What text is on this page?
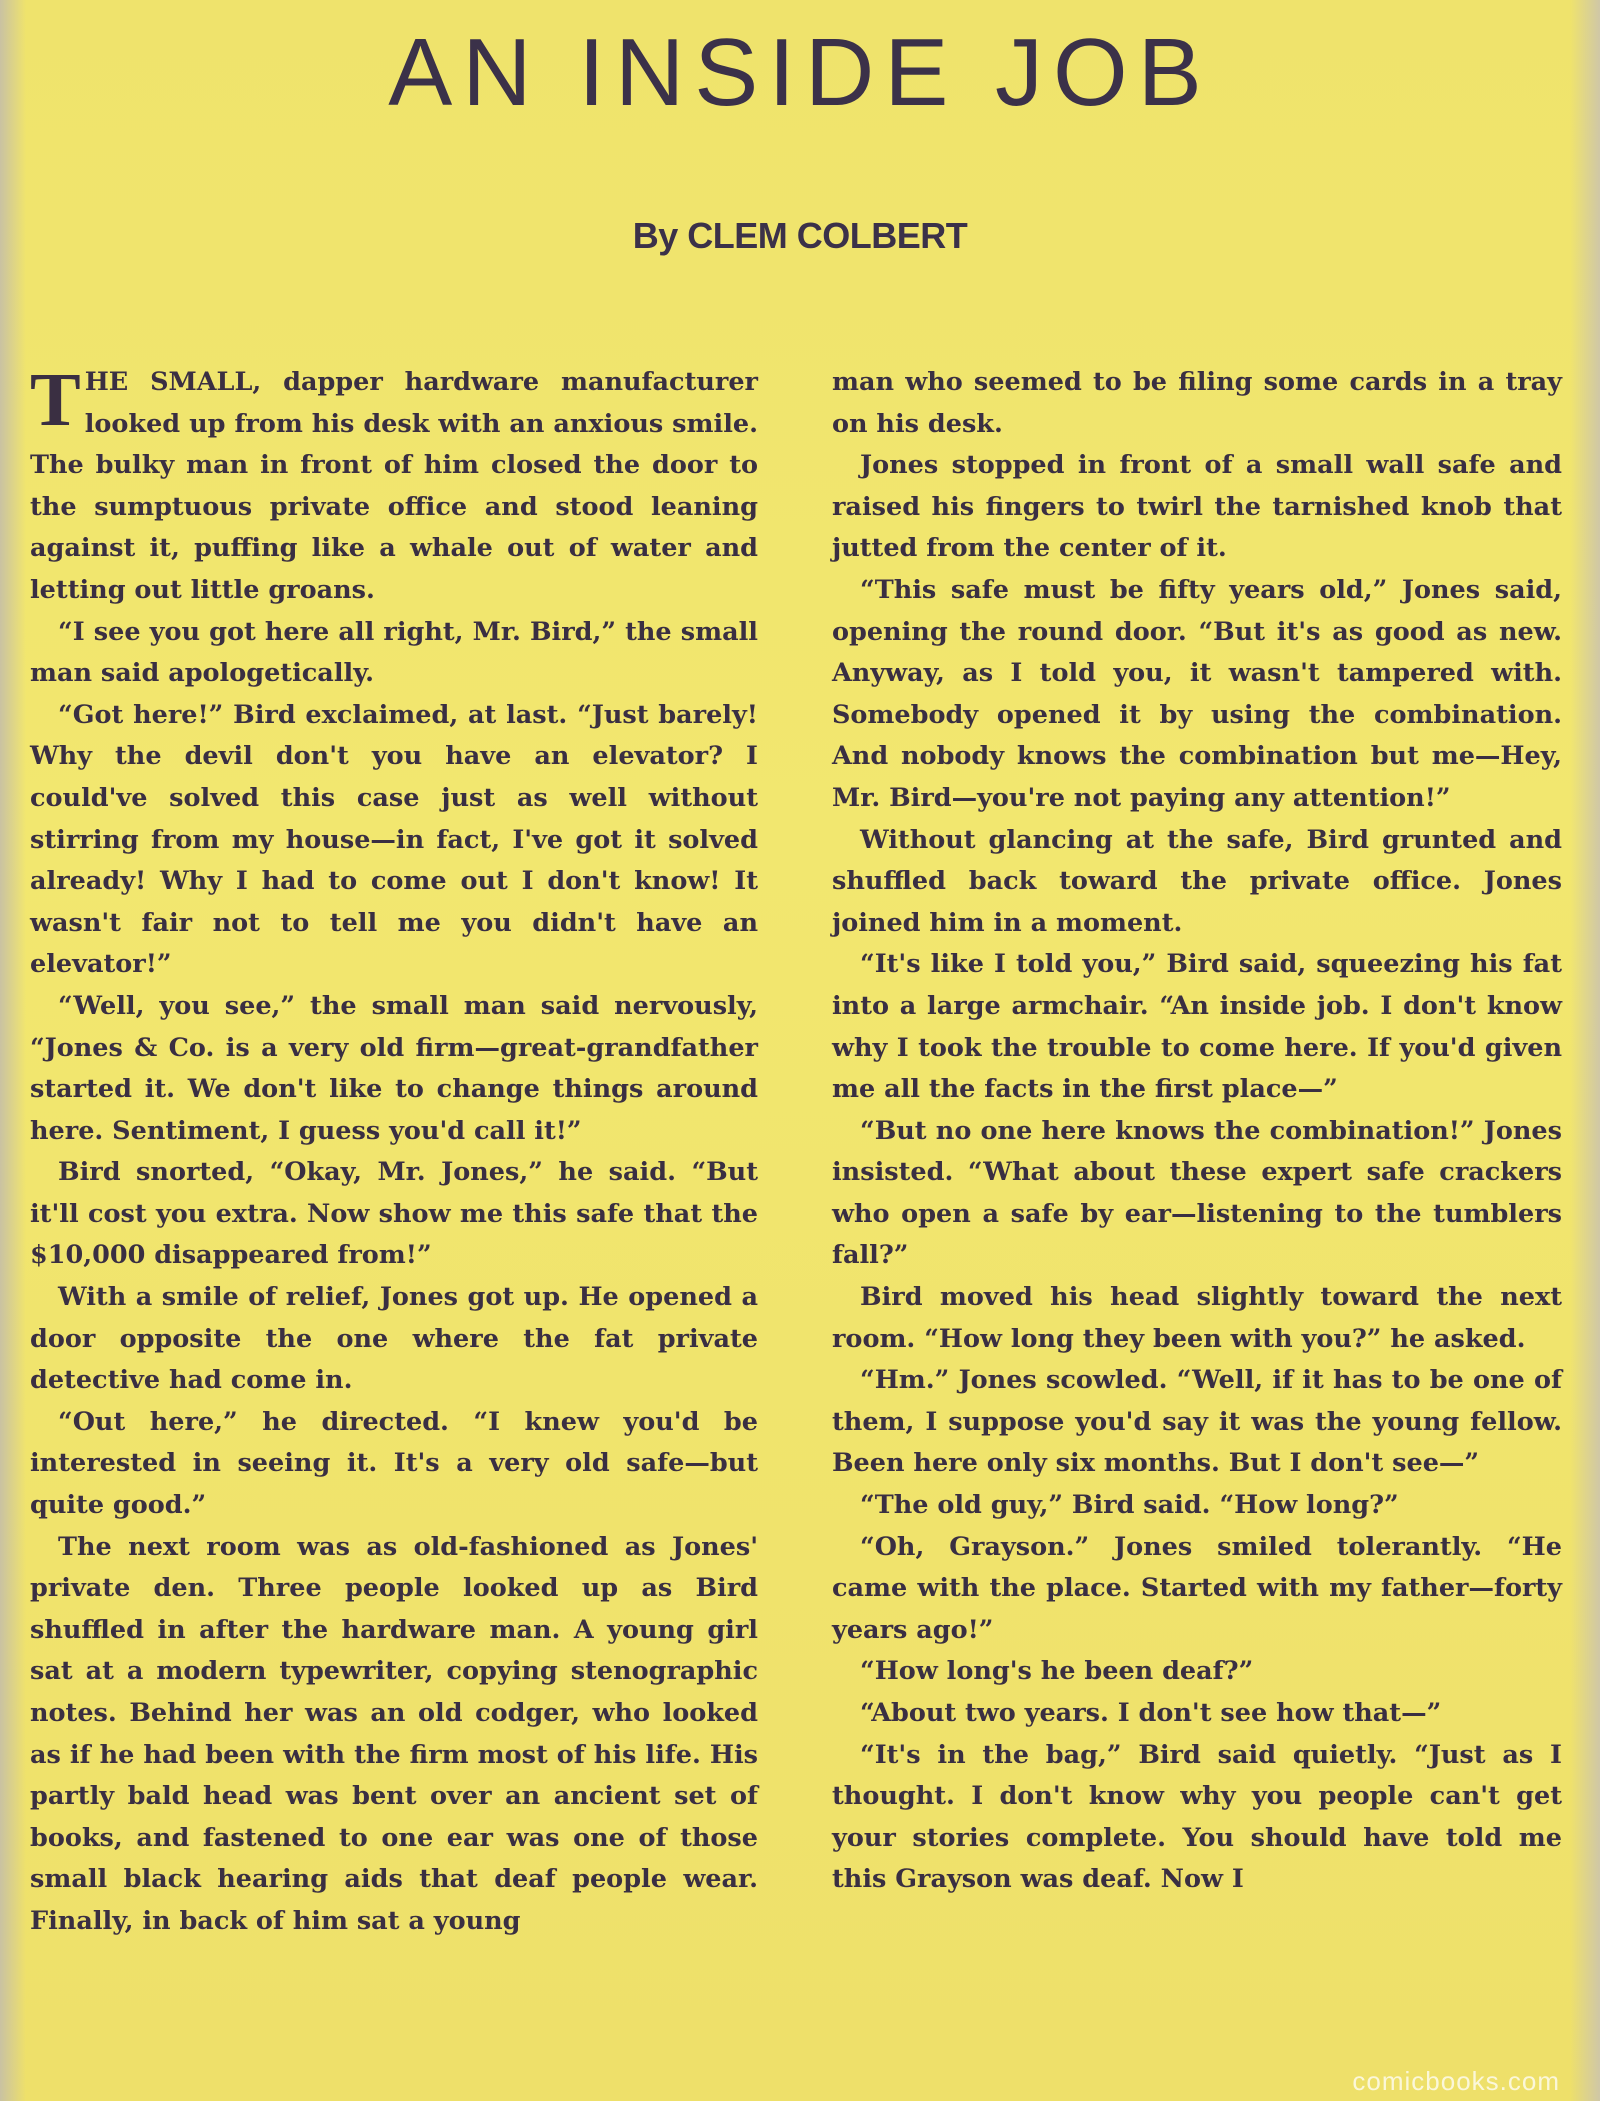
AN INSIDE JOB
By CLEM COLBERT

THE SMALL, dapper hardware manufacturer looked up from his desk with an anxious smile. The bulky man in front of him closed the door to the sumptuous private office and stood leaning against it, puffing like a whale out of water and letting out little groans.

“I see you got here all right, Mr. Bird,” the small man said apologetically.

“Got here!” Bird exclaimed, at last. “Just barely! Why the devil don't you have an elevator? I could've solved this case just as well without stirring from my house—in fact, I've got it solved already! Why I had to come out I don't know! It wasn't fair not to tell me you didn't have an elevator!”

“Well, you see,” the small man said nervously, “Jones & Co. is a very old firm—great-grandfather started it. We don't like to change things around here. Sentiment, I guess you'd call it!”

Bird snorted, “Okay, Mr. Jones,” he said. “But it'll cost you extra. Now show me this safe that the $10,000 disappeared from!”

With a smile of relief, Jones got up. He opened a door opposite the one where the fat private detective had come in.

“Out here,” he directed. “I knew you'd be interested in seeing it. It's a very old safe—but quite good.”

The next room was as old-fashioned as Jones' private den. Three people looked up as Bird shuffled in after the hardware man. A young girl sat at a modern typewriter, copying stenographic notes. Behind her was an old codger, who looked as if he had been with the firm most of his life. His partly bald head was bent over an ancient set of books, and fastened to one ear was one of those small black hearing aids that deaf people wear. Finally, in back of him sat a young

man who seemed to be filing some cards in a tray on his desk.

Jones stopped in front of a small wall safe and raised his fingers to twirl the tarnished knob that jutted from the center of it.

“This safe must be fifty years old,” Jones said, opening the round door. “But it's as good as new. Anyway, as I told you, it wasn't tampered with. Somebody opened it by using the combination. And nobody knows the combination but me—Hey, Mr. Bird—you're not paying any attention!”

Without glancing at the safe, Bird grunted and shuffled back toward the private office. Jones joined him in a moment.

“It's like I told you,” Bird said, squeezing his fat into a large armchair. “An inside job. I don't know why I took the trouble to come here. If you'd given me all the facts in the first place—”

“But no one here knows the combination!” Jones insisted. “What about these expert safe crackers who open a safe by ear—listening to the tumblers fall?”

Bird moved his head slightly toward the next room. “How long they been with you?” he asked.

“Hm.” Jones scowled. “Well, if it has to be one of them, I suppose you'd say it was the young fellow. Been here only six months. But I don't see—”

“The old guy,” Bird said. “How long?”

“Oh, Grayson.” Jones smiled tolerantly. “He came with the place. Started with my father—forty years ago!”

“How long's he been deaf?”

“About two years. I don't see how that—”

“It's in the bag,” Bird said quietly. “Just as I thought. I don't know why you people can't get your stories complete. You should have told me this Grayson was deaf. Now I

comicbooks.com
